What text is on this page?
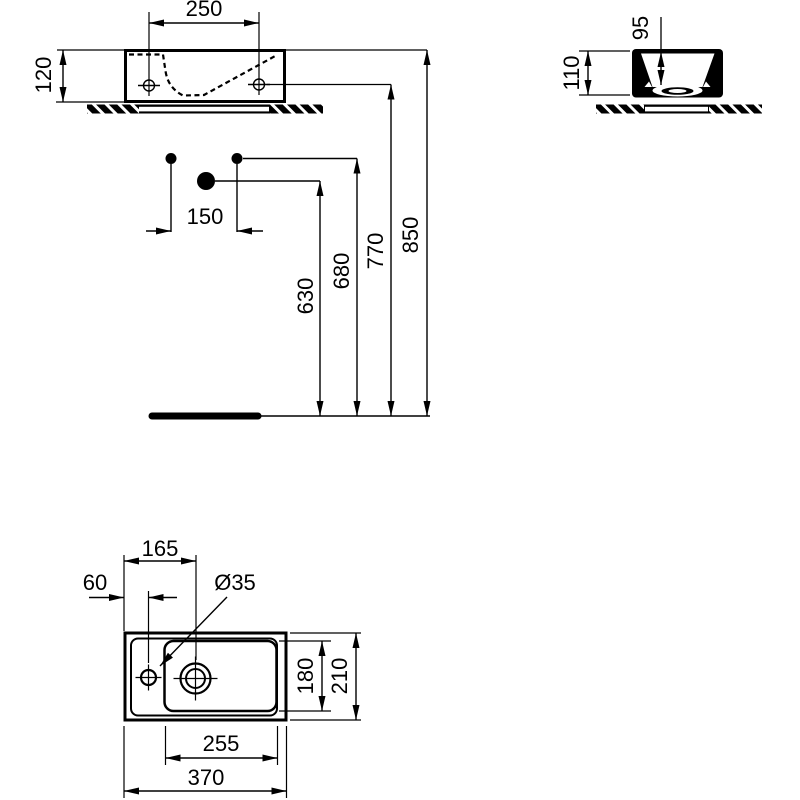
250
120
95
110
150
630
680
770 850
165
60	Ø35
180 210
255
370
